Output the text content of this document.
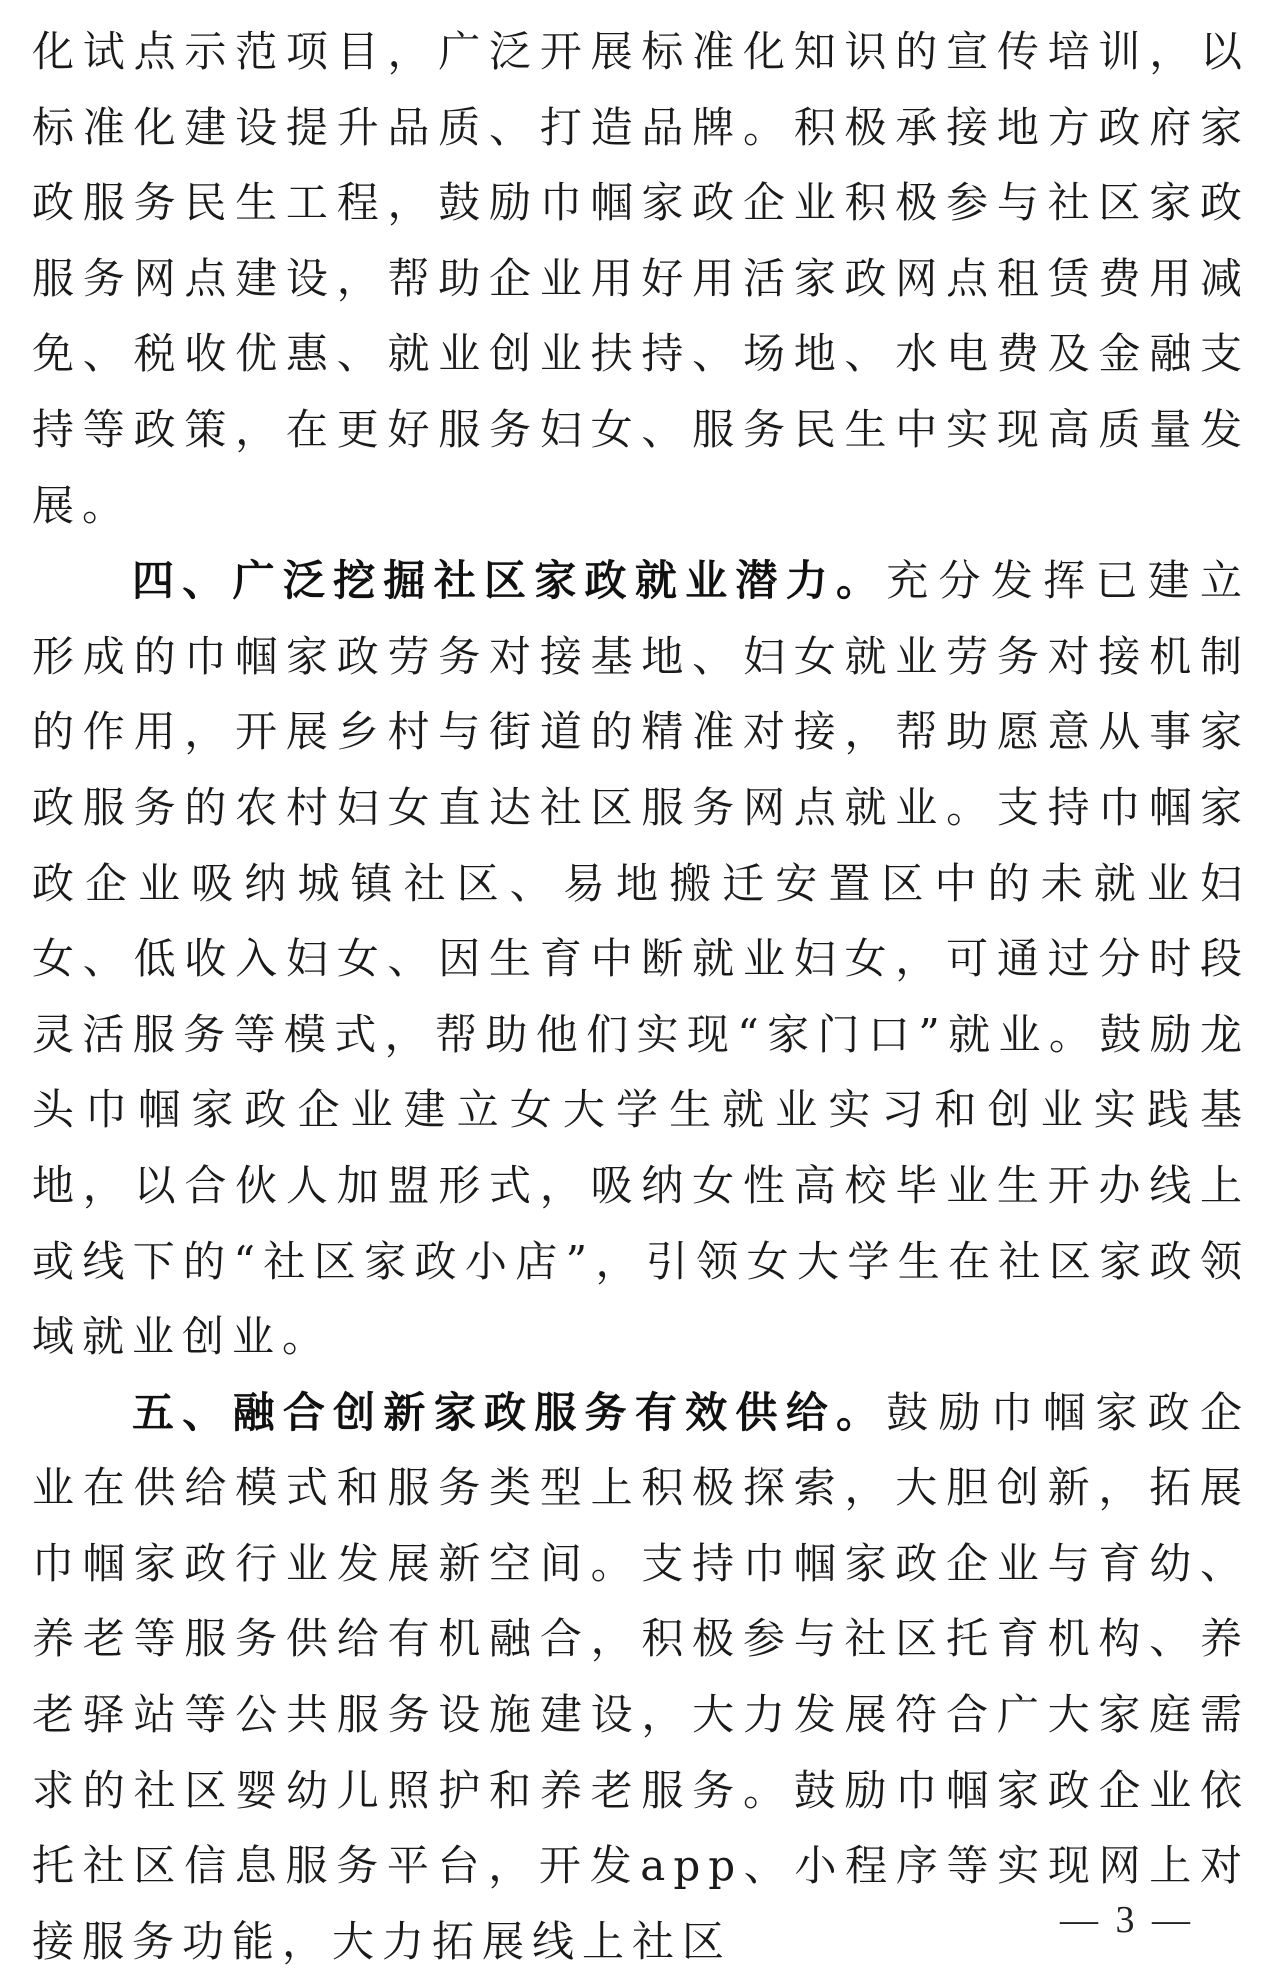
化试点示范项目，广泛开展标准化知识的宣传培训，以标准化建设提升品质、打造品牌。积极承接地方政府家政服务民生工程，鼓励巾帼家政企业积极参与社区家政服务网点建设，帮助企业用好用活家政网点租赁费用减免、税收优惠、就业创业扶持、场地、水电费及金融支持等政策，在更好服务妇女、服务民生中实现高质量发展。

四、广泛挖掘社区家政就业潜力。充分发挥已建立形成的巾帼家政劳务对接基地、妇女就业劳务对接机制的作用，开展乡村与街道的精准对接，帮助愿意从事家政服务的农村妇女直达社区服务网点就业。支持巾帼家政企业吸纳城镇社区、易地搬迁安置区中的未就业妇女、低收入妇女、因生育中断就业妇女，可通过分时段灵活服务等模式，帮助他们实现“家门口”就业。鼓励龙头巾帼家政企业建立女大学生就业实习和创业实践基地，以合伙人加盟形式，吸纳女性高校毕业生开办线上或线下的“社区家政小店”，引领女大学生在社区家政领域就业创业。

五、融合创新家政服务有效供给。鼓励巾帼家政企业在供给模式和服务类型上积极探索，大胆创新，拓展巾帼家政行业发展新空间。支持巾帼家政企业与育幼、养老等服务供给有机融合，积极参与社区托育机构、养老驿站等公共服务设施建设，大力发展符合广大家庭需求的社区婴幼儿照护和养老服务。鼓励巾帼家政企业依托社区信息服务平台，开发app、小程序等实现网上对接服务功能，大力拓展线上社区	— 3 —
